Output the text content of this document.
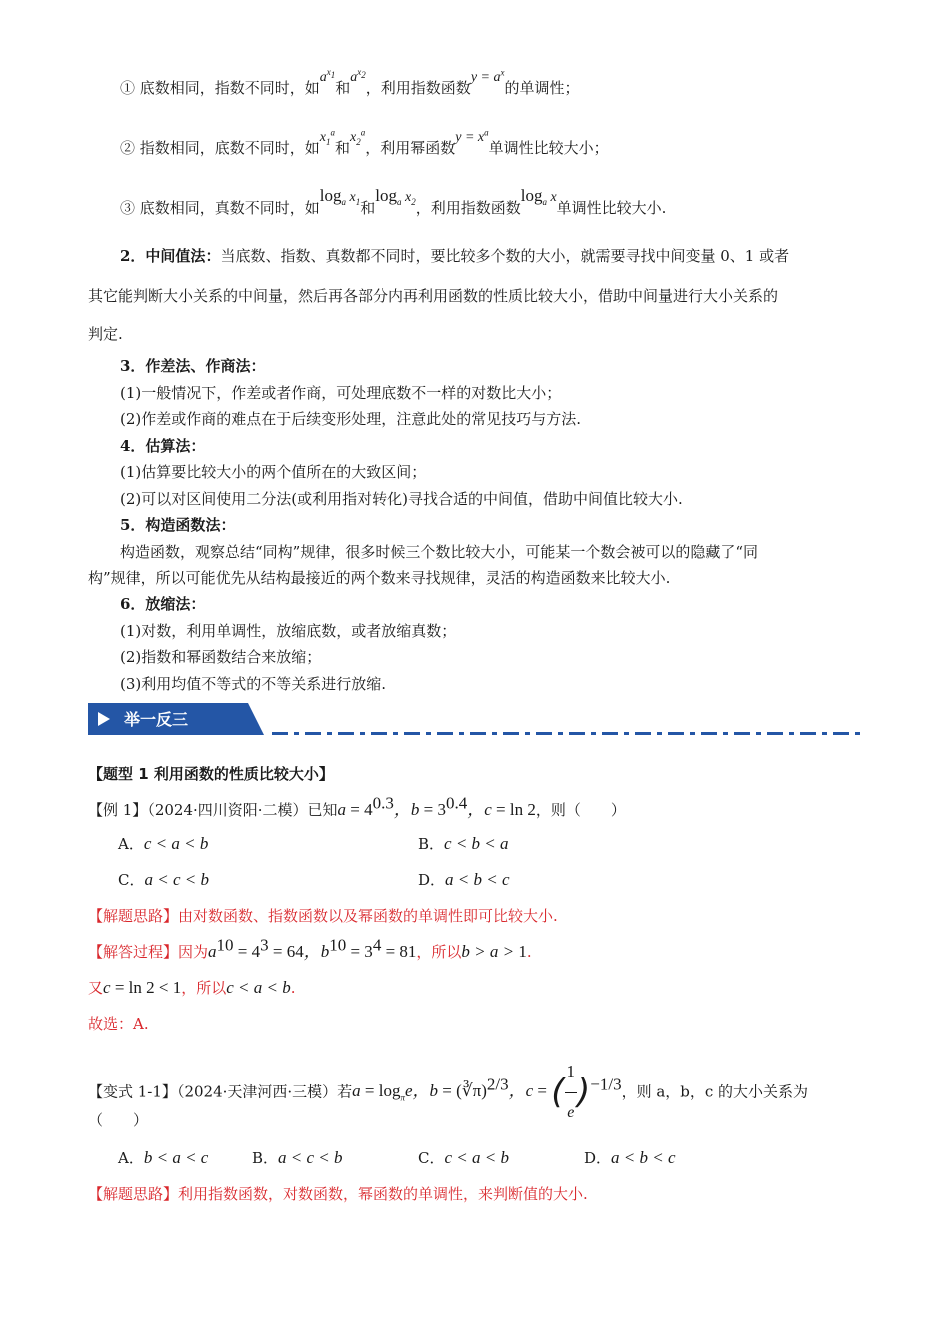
① 底数相同，指数不同时，如$a^{x_1}$和$a^{x_2}$，利用指数函数$y = a^x$的单调性；
② 指数相同，底数不同时，如$x_1^a$和$x_2^a$，利用幂函数$y = x^a$单调性比较大小；
③ 底数相同，真数不同时，如$\log_a x_1$和$\log_a x_2$，利用指数函数$\log_a x$单调性比较大小.
2．中间值法：当底数、指数、真数都不同时，要比较多个数的大小，就需要寻找中间变量 0、1 或者
其它能判断大小关系的中间量，然后再各部分内再利用函数的性质比较大小，借助中间量进行大小关系的
判定.
3．作差法、作商法：
(1)一般情况下，作差或者作商，可处理底数不一样的对数比大小；
(2)作差或作商的难点在于后续变形处理，注意此处的常见技巧与方法.
4．估算法：
(1)估算要比较大小的两个值所在的大致区间；
(2)可以对区间使用二分法(或利用指对转化)寻找合适的中间值，借助中间值比较大小.
5．构造函数法：
构造函数，观察总结“同构”规律，很多时候三个数比较大小，可能某一个数会被可以的隐藏了“同
构”规律，所以可能优先从结构最接近的两个数来寻找规律，灵活的构造函数来比较大小.
6．放缩法：
(1)对数，利用单调性，放缩底数，或者放缩真数；
(2)指数和幂函数结合来放缩；
(3)利用均值不等式的不等关系进行放缩.
举一反三
【题型 1 利用函数的性质比较大小】
【例 1】（2024·四川资阳·二模）已知$a = 4^{0.3}$，$b = 3^{0.4}$，c = ln 2，则（　　）
A．c < a < b	B．c < b < a
C．a < c < b	D．a < b < c
【解题思路】由对数函数、指数函数以及幂函数的单调性即可比较大小.
【解答过程】因为$a^{10} = 4^3 = 64$，$b^{10} = 3^4 = 81$，所以b > a > 1.
又c = ln 2 < 1，所以c < a < b.
故选：A.
【变式 1-1】（2024·天津河西·三模）若$a = \log_\pi e$，b = (∛π)$^{2/3}$，c = ( $\frac{1}{e} )^{-1/3}$，则 a，b，c 的大小关系为
（　　）
A．b < a < c	B．a < c < b	C．c < a < b	D．a < b < c
【解题思路】利用指数函数，对数函数，幂函数的单调性，来判断值的大小.
